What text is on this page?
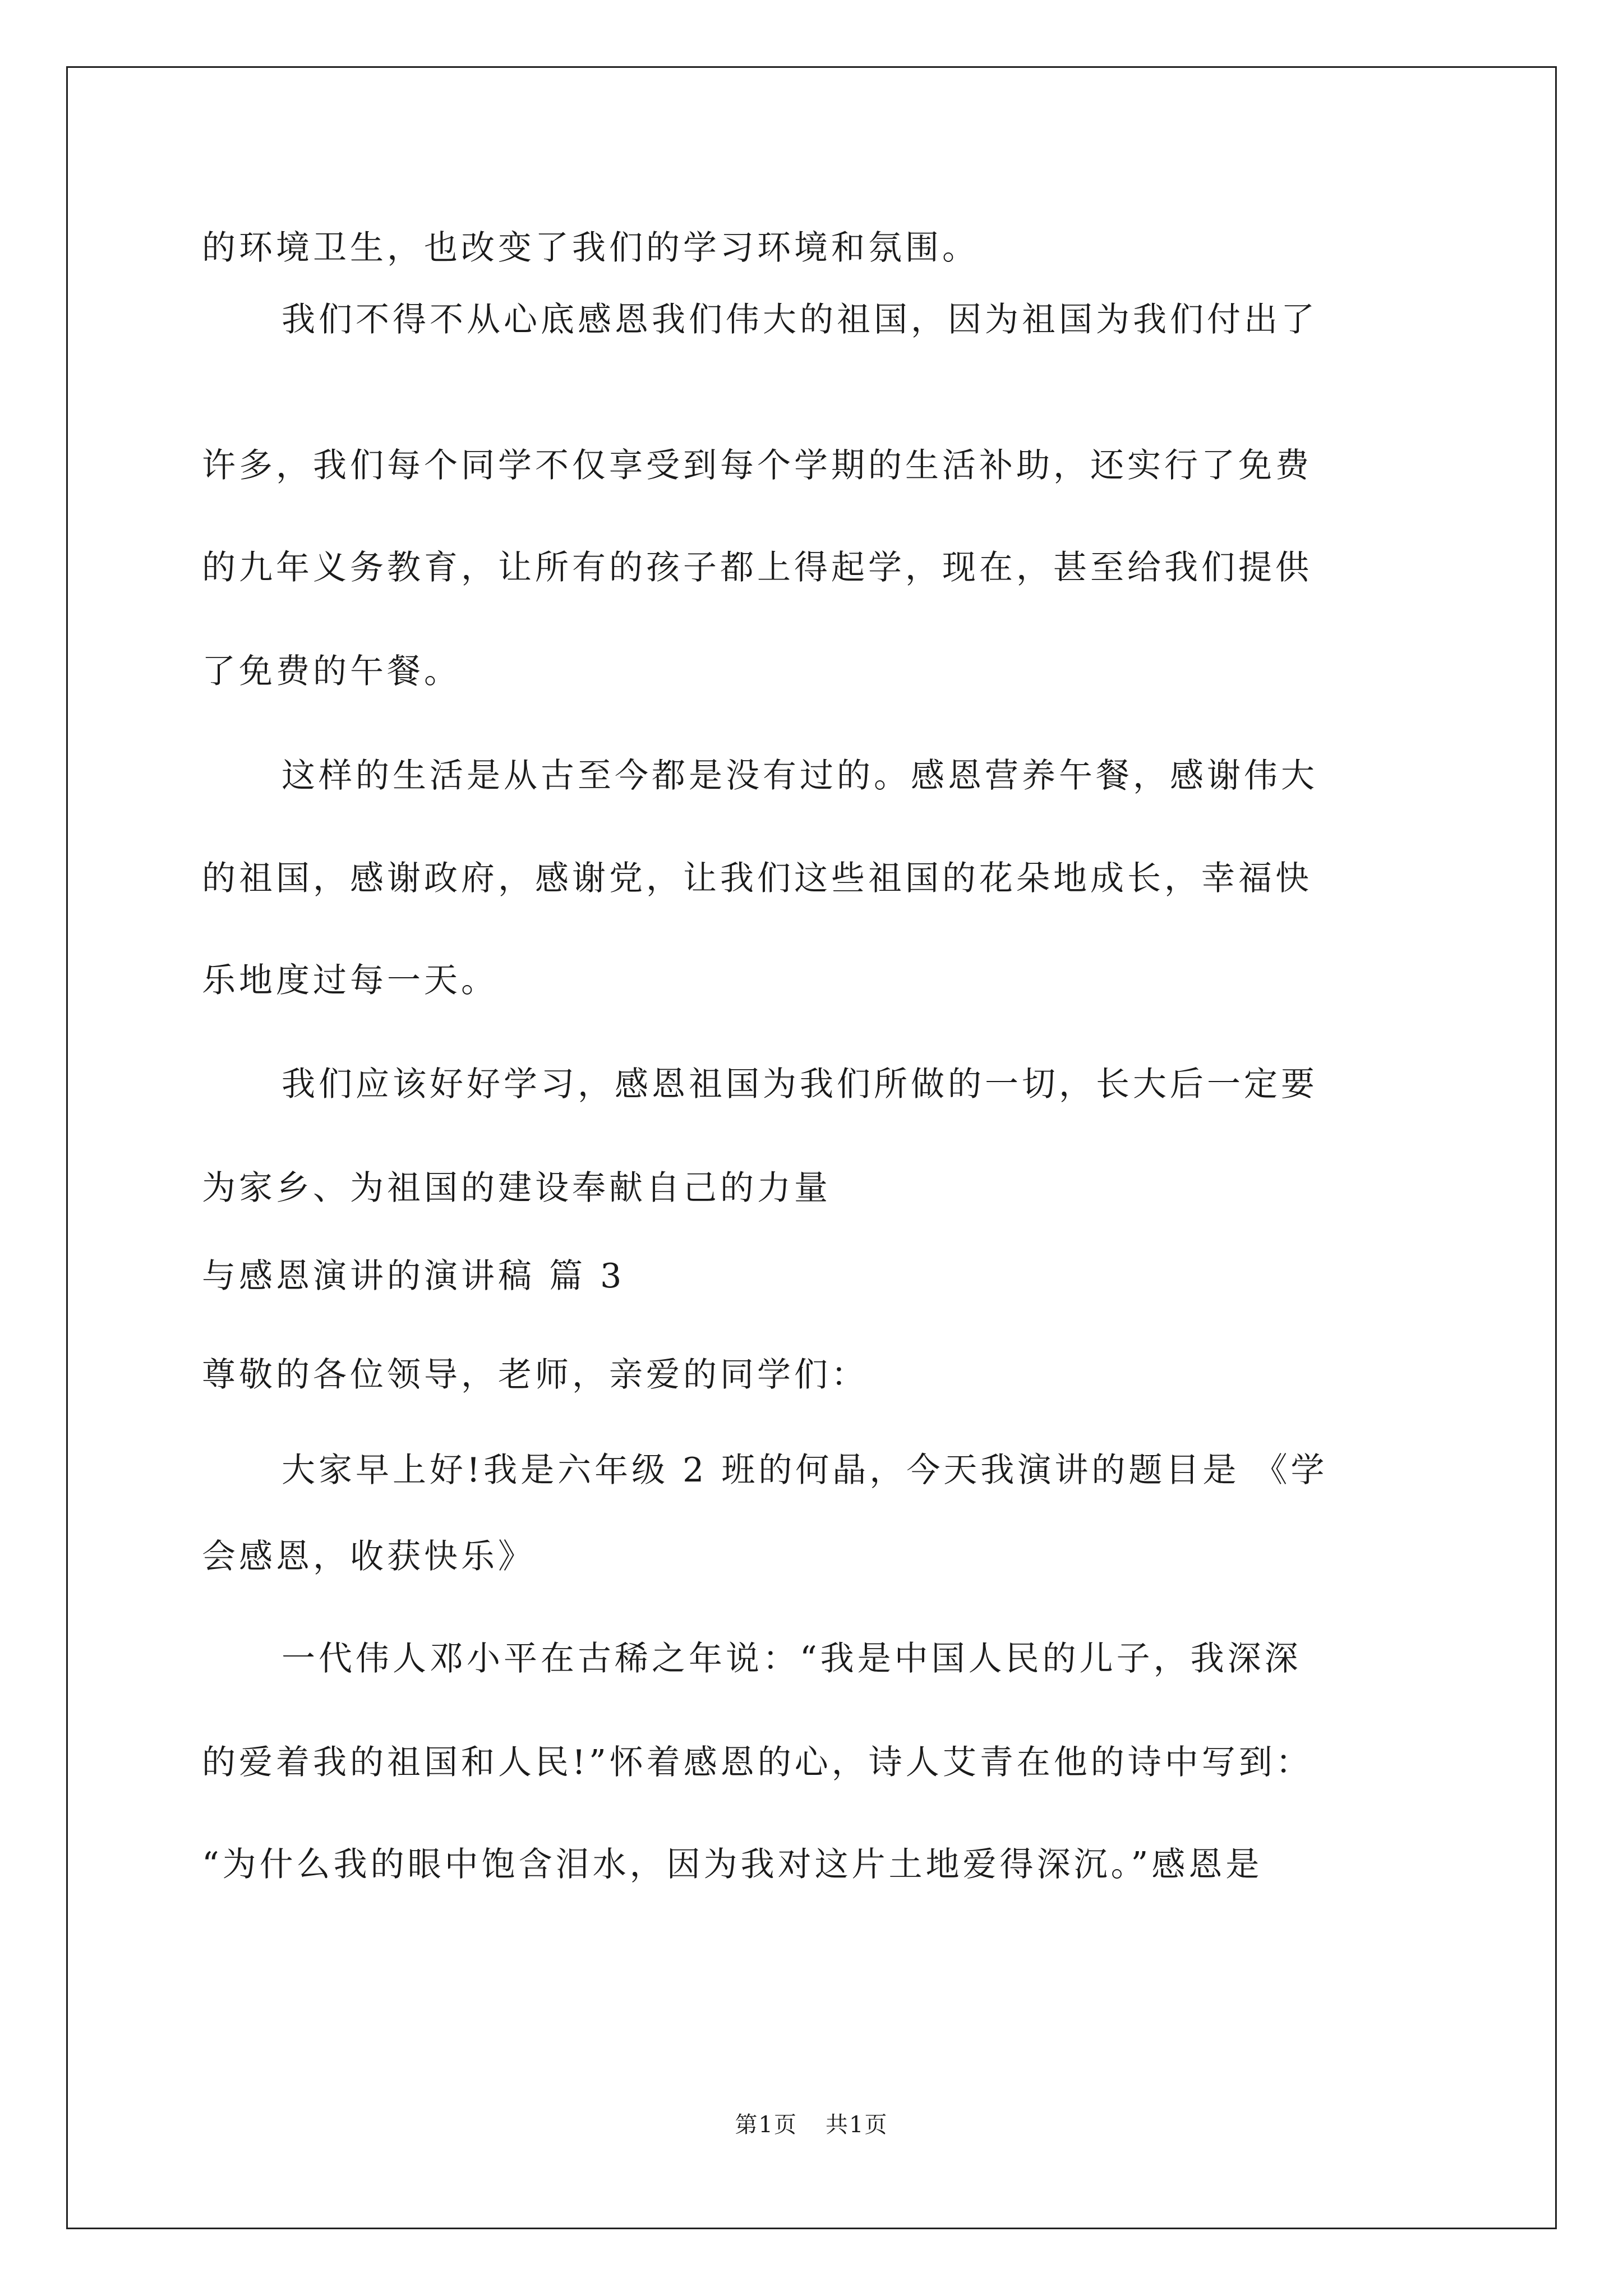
的环境卫生，也改变了我们的学习环境和氛围。

我们不得不从心底感恩我们伟大的祖国，因为祖国为我们付出了

许多，我们每个同学不仅享受到每个学期的生活补助，还实行了免费

的九年义务教育，让所有的孩子都上得起学，现在，甚至给我们提供

了免费的午餐。

这样的生活是从古至今都是没有过的。感恩营养午餐，感谢伟大

的祖国，感谢政府，感谢党，让我们这些祖国的花朵地成长，幸福快

乐地度过每一天。

我们应该好好学习，感恩祖国为我们所做的一切，长大后一定要

为家乡、为祖国的建设奉献自己的力量

与感恩演讲的演讲稿 篇 3

尊敬的各位领导，老师，亲爱的同学们：

大家早上好!我是六年级 2 班的何晶，今天我演讲的题目是 《学

会感恩，收获快乐》

一代伟人邓小平在古稀之年说：“我是中国人民的儿子，我深深

的爱着我的祖国和人民!”怀着感恩的心，诗人艾青在他的诗中写到：

“为什么我的眼中饱含泪水，因为我对这片土地爱得深沉。”感恩是

第1页 共1页
